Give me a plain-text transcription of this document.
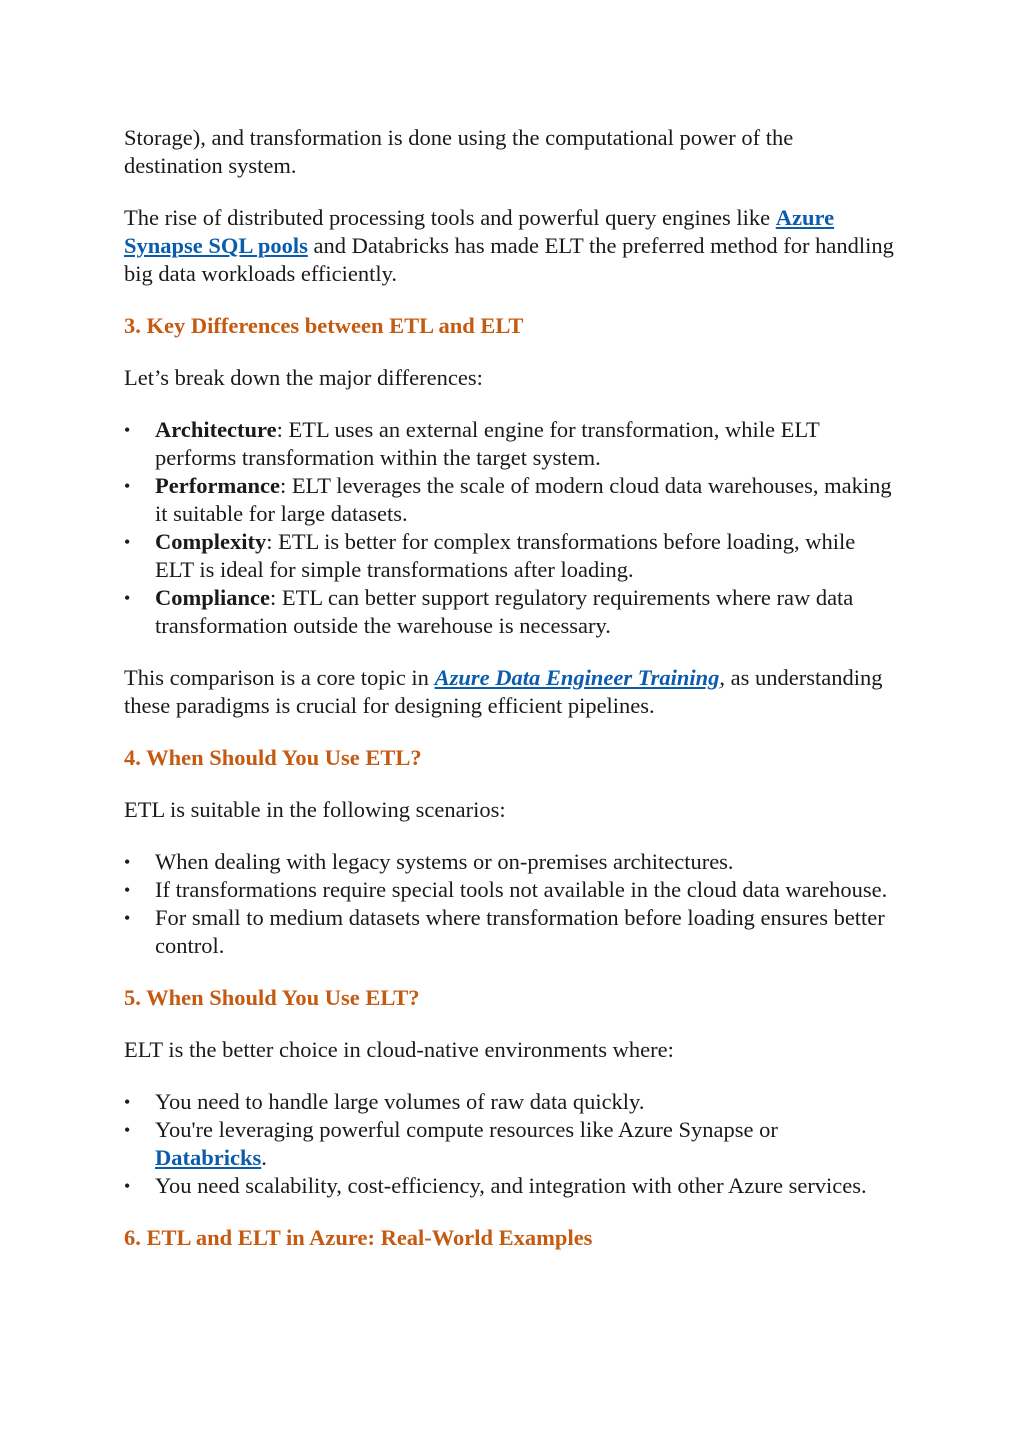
Storage), and transformation is done using the computational power of the destination system.

The rise of distributed processing tools and powerful query engines like Azure Synapse SQL pools and Databricks has made ELT the preferred method for handling big data workloads efficiently.

3. Key Differences between ETL and ELT

Let’s break down the major differences:

• Architecture: ETL uses an external engine for transformation, while ELT performs transformation within the target system.
• Performance: ELT leverages the scale of modern cloud data warehouses, making it suitable for large datasets.
• Complexity: ETL is better for complex transformations before loading, while ELT is ideal for simple transformations after loading.
• Compliance: ETL can better support regulatory requirements where raw data transformation outside the warehouse is necessary.

This comparison is a core topic in Azure Data Engineer Training, as understanding these paradigms is crucial for designing efficient pipelines.

4. When Should You Use ETL?

ETL is suitable in the following scenarios:

• When dealing with legacy systems or on-premises architectures.
• If transformations require special tools not available in the cloud data warehouse.
• For small to medium datasets where transformation before loading ensures better control.
5. When Should You Use ELT?

ELT is the better choice in cloud-native environments where:

• You need to handle large volumes of raw data quickly.
• You're leveraging powerful compute resources like Azure Synapse or Databricks.
• You need scalability, cost-efficiency, and integration with other Azure services.
6. ETL and ELT in Azure: Real-World Examples
